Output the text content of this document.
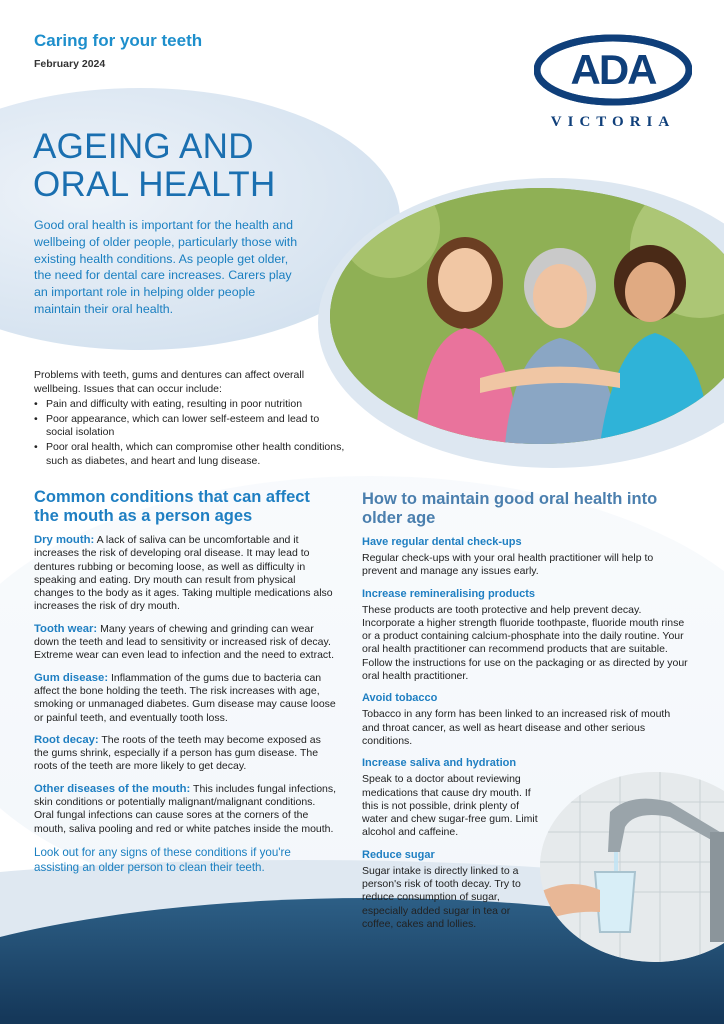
Caring for your teeth
February 2024	ADA
VICTORIA
AGEING AND
ORAL HEALTH

Good oral health is important for the health and wellbeing of older people, particularly those with existing health conditions. As people get older, the need for dental care increases. Carers play an important role in helping older people maintain their oral health.

Problems with teeth, gums and dentures can affect overall wellbeing. Issues that can occur include:

• Pain and difficulty with eating, resulting in poor nutrition
• Poor appearance, which can lower self-esteem and lead to social isolation
• Poor oral health, which can compromise other health conditions, such as diabetes, and heart and lung disease.
Common conditions that can affect the mouth as a person ages

Dry mouth: A lack of saliva can be uncomfortable and it increases the risk of developing oral disease. It may lead to dentures rubbing or becoming loose, as well as difficulty in speaking and eating. Dry mouth can result from physical changes to the body as it ages. Taking multiple medications also increases the risk of dry mouth.

Tooth wear: Many years of chewing and grinding can wear down the teeth and lead to sensitivity or increased risk of decay. Extreme wear can even lead to infection and the need to extract.

Gum disease: Inflammation of the gums due to bacteria can affect the bone holding the teeth. The risk increases with age, smoking or unmanaged diabetes. Gum disease may cause loose or painful teeth, and eventually tooth loss.

Root decay: The roots of the teeth may become exposed as the gums shrink, especially if a person has gum disease. The roots of the teeth are more likely to get decay.

Other diseases of the mouth: This includes fungal infections, skin conditions or potentially malignant/malignant conditions. Oral fungal infections can cause sores at the corners of the mouth, saliva pooling and red or white patches inside the mouth.

Look out for any signs of these conditions if you're assisting an older person to clean their teeth.

How to maintain good oral health into older age
Have regular dental check-ups

Regular check-ups with your oral health practitioner will help to prevent and manage any issues early.

Increase remineralising products

These products are tooth protective and help prevent decay. Incorporate a higher strength fluoride toothpaste, fluoride mouth rinse or a product containing calcium-phosphate into the daily routine. Your oral health practitioner can recommend products that are suitable. Follow the instructions for use on the packaging or as directed by your oral health practitioner.

Avoid tobacco

Tobacco in any form has been linked to an increased risk of mouth and throat cancer, as well as heart disease and other serious conditions.

Increase saliva and hydration

Speak to a doctor about reviewing medications that cause dry mouth. If this is not possible, drink plenty of water and chew sugar-free gum. Limit alcohol and caffeine.

Reduce sugar

Sugar intake is directly linked to a person's risk of tooth decay. Try to reduce consumption of sugar, especially added sugar in tea or coffee, cakes and lollies.
